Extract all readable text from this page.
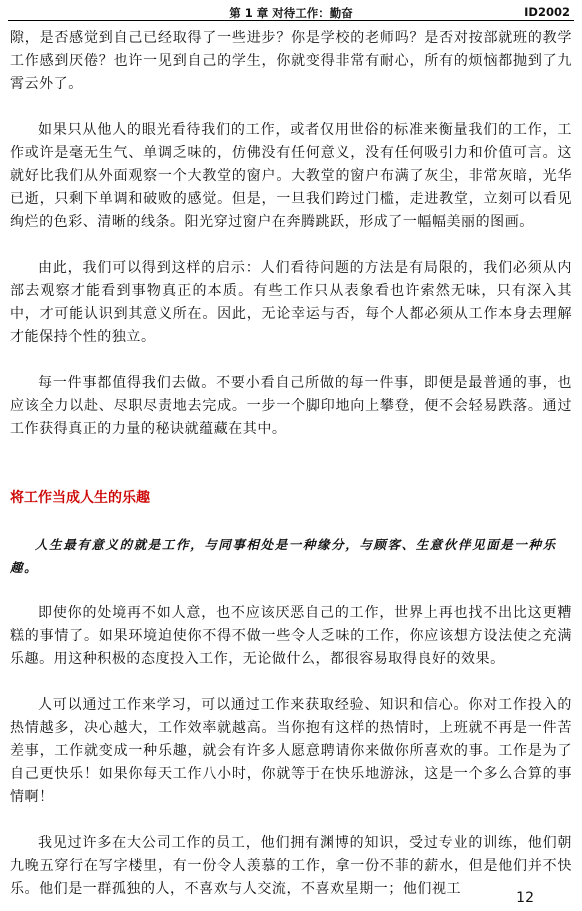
第 1 章 对待工作：勤奋	ID2002

隙，是否感觉到自己已经取得了一些进步？你是学校的老师吗？是否对按部就班的教学工作感到厌倦？也许一见到自己的学生，你就变得非常有耐心，所有的烦恼都抛到了九霄云外了。

如果只从他人的眼光看待我们的工作，或者仅用世俗的标准来衡量我们的工作，工作或许是毫无生气、单调乏味的，仿佛没有任何意义，没有任何吸引力和价值可言。这就好比我们从外面观察一个大教堂的窗户。大教堂的窗户布满了灰尘，非常灰暗，光华已逝，只剩下单调和破败的感觉。但是，一旦我们跨过门槛，走进教堂，立刻可以看见绚烂的色彩、清晰的线条。阳光穿过窗户在奔腾跳跃，形成了一幅幅美丽的图画。

由此，我们可以得到这样的启示：人们看待问题的方法是有局限的，我们必须从内部去观察才能看到事物真正的本质。有些工作只从表象看也许索然无味，只有深入其中，才可能认识到其意义所在。因此，无论幸运与否，每个人都必须从工作本身去理解才能保持个性的独立。

每一件事都值得我们去做。不要小看自己所做的每一件事，即便是最普通的事，也应该全力以赴、尽职尽责地去完成。一步一个脚印地向上攀登，便不会轻易跌落。通过工作获得真正的力量的秘诀就蕴藏在其中。

将工作当成人生的乐趣

人生最有意义的就是工作，与同事相处是一种缘分，与顾客、生意伙伴见面是一种乐趣。

即使你的处境再不如人意，也不应该厌恶自己的工作，世界上再也找不出比这更糟糕的事情了。如果环境迫使你不得不做一些令人乏味的工作，你应该想方设法使之充满乐趣。用这种积极的态度投入工作，无论做什么，都很容易取得良好的效果。

人可以通过工作来学习，可以通过工作来获取经验、知识和信心。你对工作投入的热情越多，决心越大，工作效率就越高。当你抱有这样的热情时，上班就不再是一件苦差事，工作就变成一种乐趣，就会有许多人愿意聘请你来做你所喜欢的事。工作是为了自己更快乐！如果你每天工作八小时，你就等于在快乐地游泳，这是一个多么合算的事情啊！

我见过许多在大公司工作的员工，他们拥有渊博的知识，受过专业的训练，他们朝九晚五穿行在写字楼里，有一份令人羡慕的工作，拿一份不菲的薪水，但是他们并不快乐。他们是一群孤独的人，不喜欢与人交流，不喜欢星期一；他们视工

12
